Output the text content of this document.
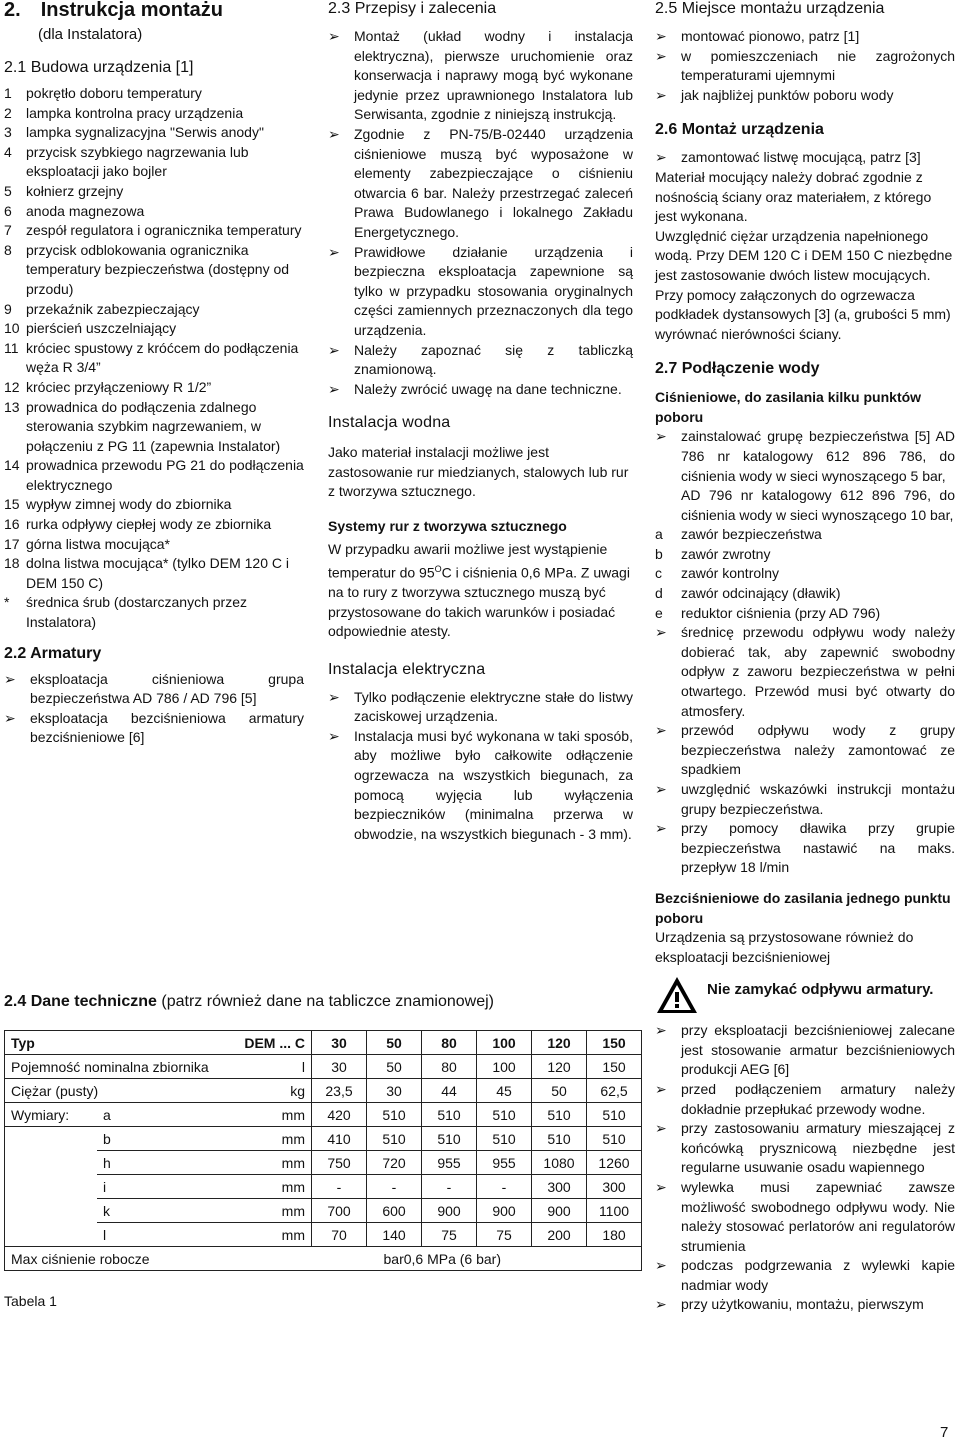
2. Instrukcja montażu
(dla Instalatora)
2.1 Budowa urządzenia [1]
1 pokrętło doboru temperatury
2 lampka kontrolna pracy urządzenia
3 lampka sygnalizacyjna "Serwis anody"
4 przycisk szybkiego nagrzewania lub eksploatacji jako bojler
5 kołnierz grzejny
6 anoda magnezowa
7 zespół regulatora i ogranicznika temperatury
8 przycisk odblokowania ogranicznika temperatury bezpieczeństwa (dostępny od przodu)
9 przekaźnik zabezpieczający
10 pierścień uszczelniający
11 króciec spustowy z króćcem do podłączenia węża R 3/4”
12 króciec przyłączeniowy R 1/2”
13 prowadnica do podłączenia zdalnego sterowania szybkim nagrzewaniem, w połączeniu z PG 11 (zapewnia Instalator)
14 prowadnica przewodu PG 21 do podłączenia elektrycznego
15 wypływ zimnej wody do zbiornika
16 rurka odpływy ciepłej wody ze zbiornika
17 górna listwa mocująca*
18 dolna listwa mocująca* (tylko DEM 120 C i DEM 150 C)
* średnica śrub (dostarczanych przez Instalatora)
2.2 Armatury
➢ eksploatacja ciśnieniowa grupa bezpieczeństwa AD 786 / AD 796 [5]
➢ eksploatacja bezciśnieniowa armatury bezciśnieniowe [6]
2.3 Przepisy i zalecenia
➢ Montaż (układ wodny i instalacja elektryczna), pierwsze uruchomienie oraz konserwacja i naprawy mogą być wykonane jedynie przez uprawnionego Instalatora lub Serwisanta, zgodnie z niniejszą instrukcją.
➢ Zgodnie z PN-75/B-02440 urządzenia ciśnieniowe muszą być wyposażone w elementy zabezpieczające o ciśnieniu otwarcia 6 bar. Należy przestrzegać zaleceń Prawa Budowlanego i lokalnego Zakładu Energetycznego.
➢ Prawidłowe działanie urządzenia i bezpieczna eksploatacja zapewnione są tylko w przypadku stosowania oryginalnych części zamiennych przeznaczonych dla tego urządzenia.
➢ Należy zapoznać się z tabliczką znamionową.
➢ Należy zwrócić uwagę na dane techniczne.
Instalacja wodna

Jako materiał instalacji możliwe jest zastosowanie rur miedzianych, stalowych lub rur z tworzywa sztucznego.

Systemy rur z tworzywa sztucznego

W przypadku awarii możliwe jest wystąpienie temperatur do $95^OC$ i ciśnienia 0,6 MPa. Z uwagi na to rury z tworzywa sztucznego muszą być przystosowane do takich warunków i posiadać odpowiednie atesty.

Instalacja elektryczna
➢ Tylko podłączenie elektryczne stałe do listwy zaciskowej urządzenia.
➢ Instalacja musi być wykonana w taki sposób, aby możliwe było całkowite odłączenie ogrzewacza na wszystkich biegunach, za pomocą wyjęcia lub wyłączenia bezpieczników (minimalna przerwa w obwodzie, na wszystkich biegunach - 3 mm).
2.5 Miejsce montażu urządzenia
➢ montować pionowo, patrz [1]
➢ w pomieszczeniach nie zagrożonych temperaturami ujemnymi
➢ jak najbliżej punktów poboru wody
2.6 Montaż urządzenia
➢ zamontować listwę mocującą, patrz [3]

Materiał mocujący należy dobrać zgodnie z nośnością ściany oraz materiałem, z którego jest wykonana.

Uwzględnić ciężar urządzenia napełnionego wodą. Przy DEM 120 C i DEM 150 C niezbędne jest zastosowanie dwóch listew mocujących.

Przy pomocy załączonych do ogrzewacza podkładek dystansowych [3] (a, grubości 5 mm) wyrównać nierówności ściany.

2.7 Podłączenie wody
Ciśnieniowe, do zasilania kilku punktów poboru
➢ zainstalować grupę bezpieczeństwa [5] AD 786 nr katalogowy 612 896 786, do ciśnienia wody w sieci wynoszącego 5 bar,
AD 796 nr katalogowy 612 896 796, do ciśnienia wody w sieci wynoszącego 10 bar,
a zawór bezpieczeństwa
b zawór zwrotny
c zawór kontrolny
d zawór odcinający (dławik)
e reduktor ciśnienia (przy AD 796)
➢ średnicę przewodu odpływu wody należy dobierać tak, aby zapewnić swobodny odpływ z zaworu bezpieczeństwa w pełni otwartego. Przewód musi być otwarty do atmosfery.
➢ przewód odpływu wody z grupy bezpieczeństwa należy zamontować ze spadkiem
➢ uwzględnić wskazówki instrukcji montażu grupy bezpieczeństwa.
➢ przy pomocy dławika przy grupie bezpieczeństwa nastawić na maks. przepływ 18 l/min
Bezciśnieniowe do zasilania jednego punktu poboru

Urządzenia są przystosowane również do eksploatacji bezciśnieniowej

Nie zamykać odpływu armatury.
➢ przy eksploatacji bezciśnieniowej zalecane jest stosowanie armatur bezciśnieniowych produkcji AEG [6]
➢ przed podłączeniem armatury należy dokładnie przepłukać przewody wodne.
➢ przy zastosowaniu armatury mieszającej z końcówką prysznicową niezbędne jest regularne usuwanie osadu wapiennego
➢ wylewka musi zapewniać zawsze możliwość swobodnego odpływu wody. Nie należy stosować perlatorów ani regulatorów strumienia
➢ podczas podgrzewania z wylewki kapie nadmiar wody
➢ przy użytkowaniu, montażu, pierwszym
2.4 Dane techniczne (patrz również dane na tabliczce znamionowej)
Typ		DEM ... C	30	50	80	100	120	150
Pojemność nominalna zbiornika		l	30	50	80	100	120	150
Ciężar (pusty)		kg	23,5	30	44	45	50	62,5
Wymiary:	a	mm	420	510	510	510	510	510
	b	mm	410	510	510	510	510	510
	h	mm	750	720	955	955	1080	1260
	i	mm	-	-	-	-	300	300
	k	mm	700	600	900	900	900	1100
	l	mm	70	140	75	75	200	180
Max ciśnienie robocze			bar0,6 MPa (6 bar)					
Tabela 1
7
